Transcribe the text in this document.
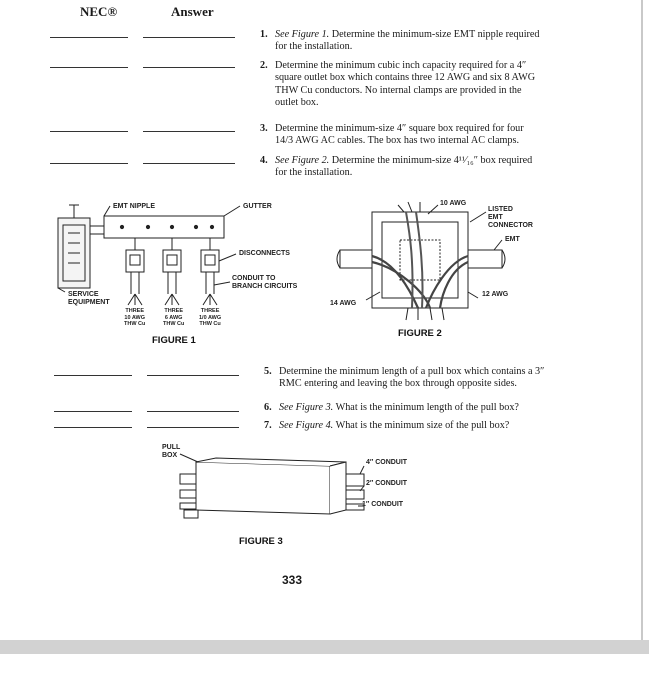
NEC®	Answer
1. See Figure 1. Determine the minimum-size EMT nipple required for the installation.
2. Determine the minimum cubic inch capacity required for a 4″ square outlet box which contains three 12 AWG and six 8 AWG THW Cu conductors. No internal clamps are provided in the outlet box.
3. Determine the minimum-size 4″ square box required for four 14/3 AWG AC cables. The box has two internal AC clamps.
4. See Figure 2. Determine the minimum-size 4¹¹⁄₁₆″ box required for the installation.
5. Determine the minimum length of a pull box which contains a 3″ RMC entering and leaving the box through opposite sides.
6. See Figure 3. What is the minimum length of the pull box?
7. See Figure 4. What is the minimum size of the pull box?
EMT NIPPLE	GUTTER
DISCONNECTS
CONDUIT TO
BRANCH CIRCUITS
SERVICE
EQUIPMENT
THREE
10 AWG
THW Cu
THREE
6 AWG
THW Cu
THREE
1/0 AWG
THW Cu
FIGURE 1
10 AWG
LISTED
EMT
CONNECTOR
EMT
12 AWG
14 AWG
FIGURE 2
PULL
BOX
4″ CONDUIT
2″ CONDUIT
1″ CONDUIT
FIGURE 3
333
